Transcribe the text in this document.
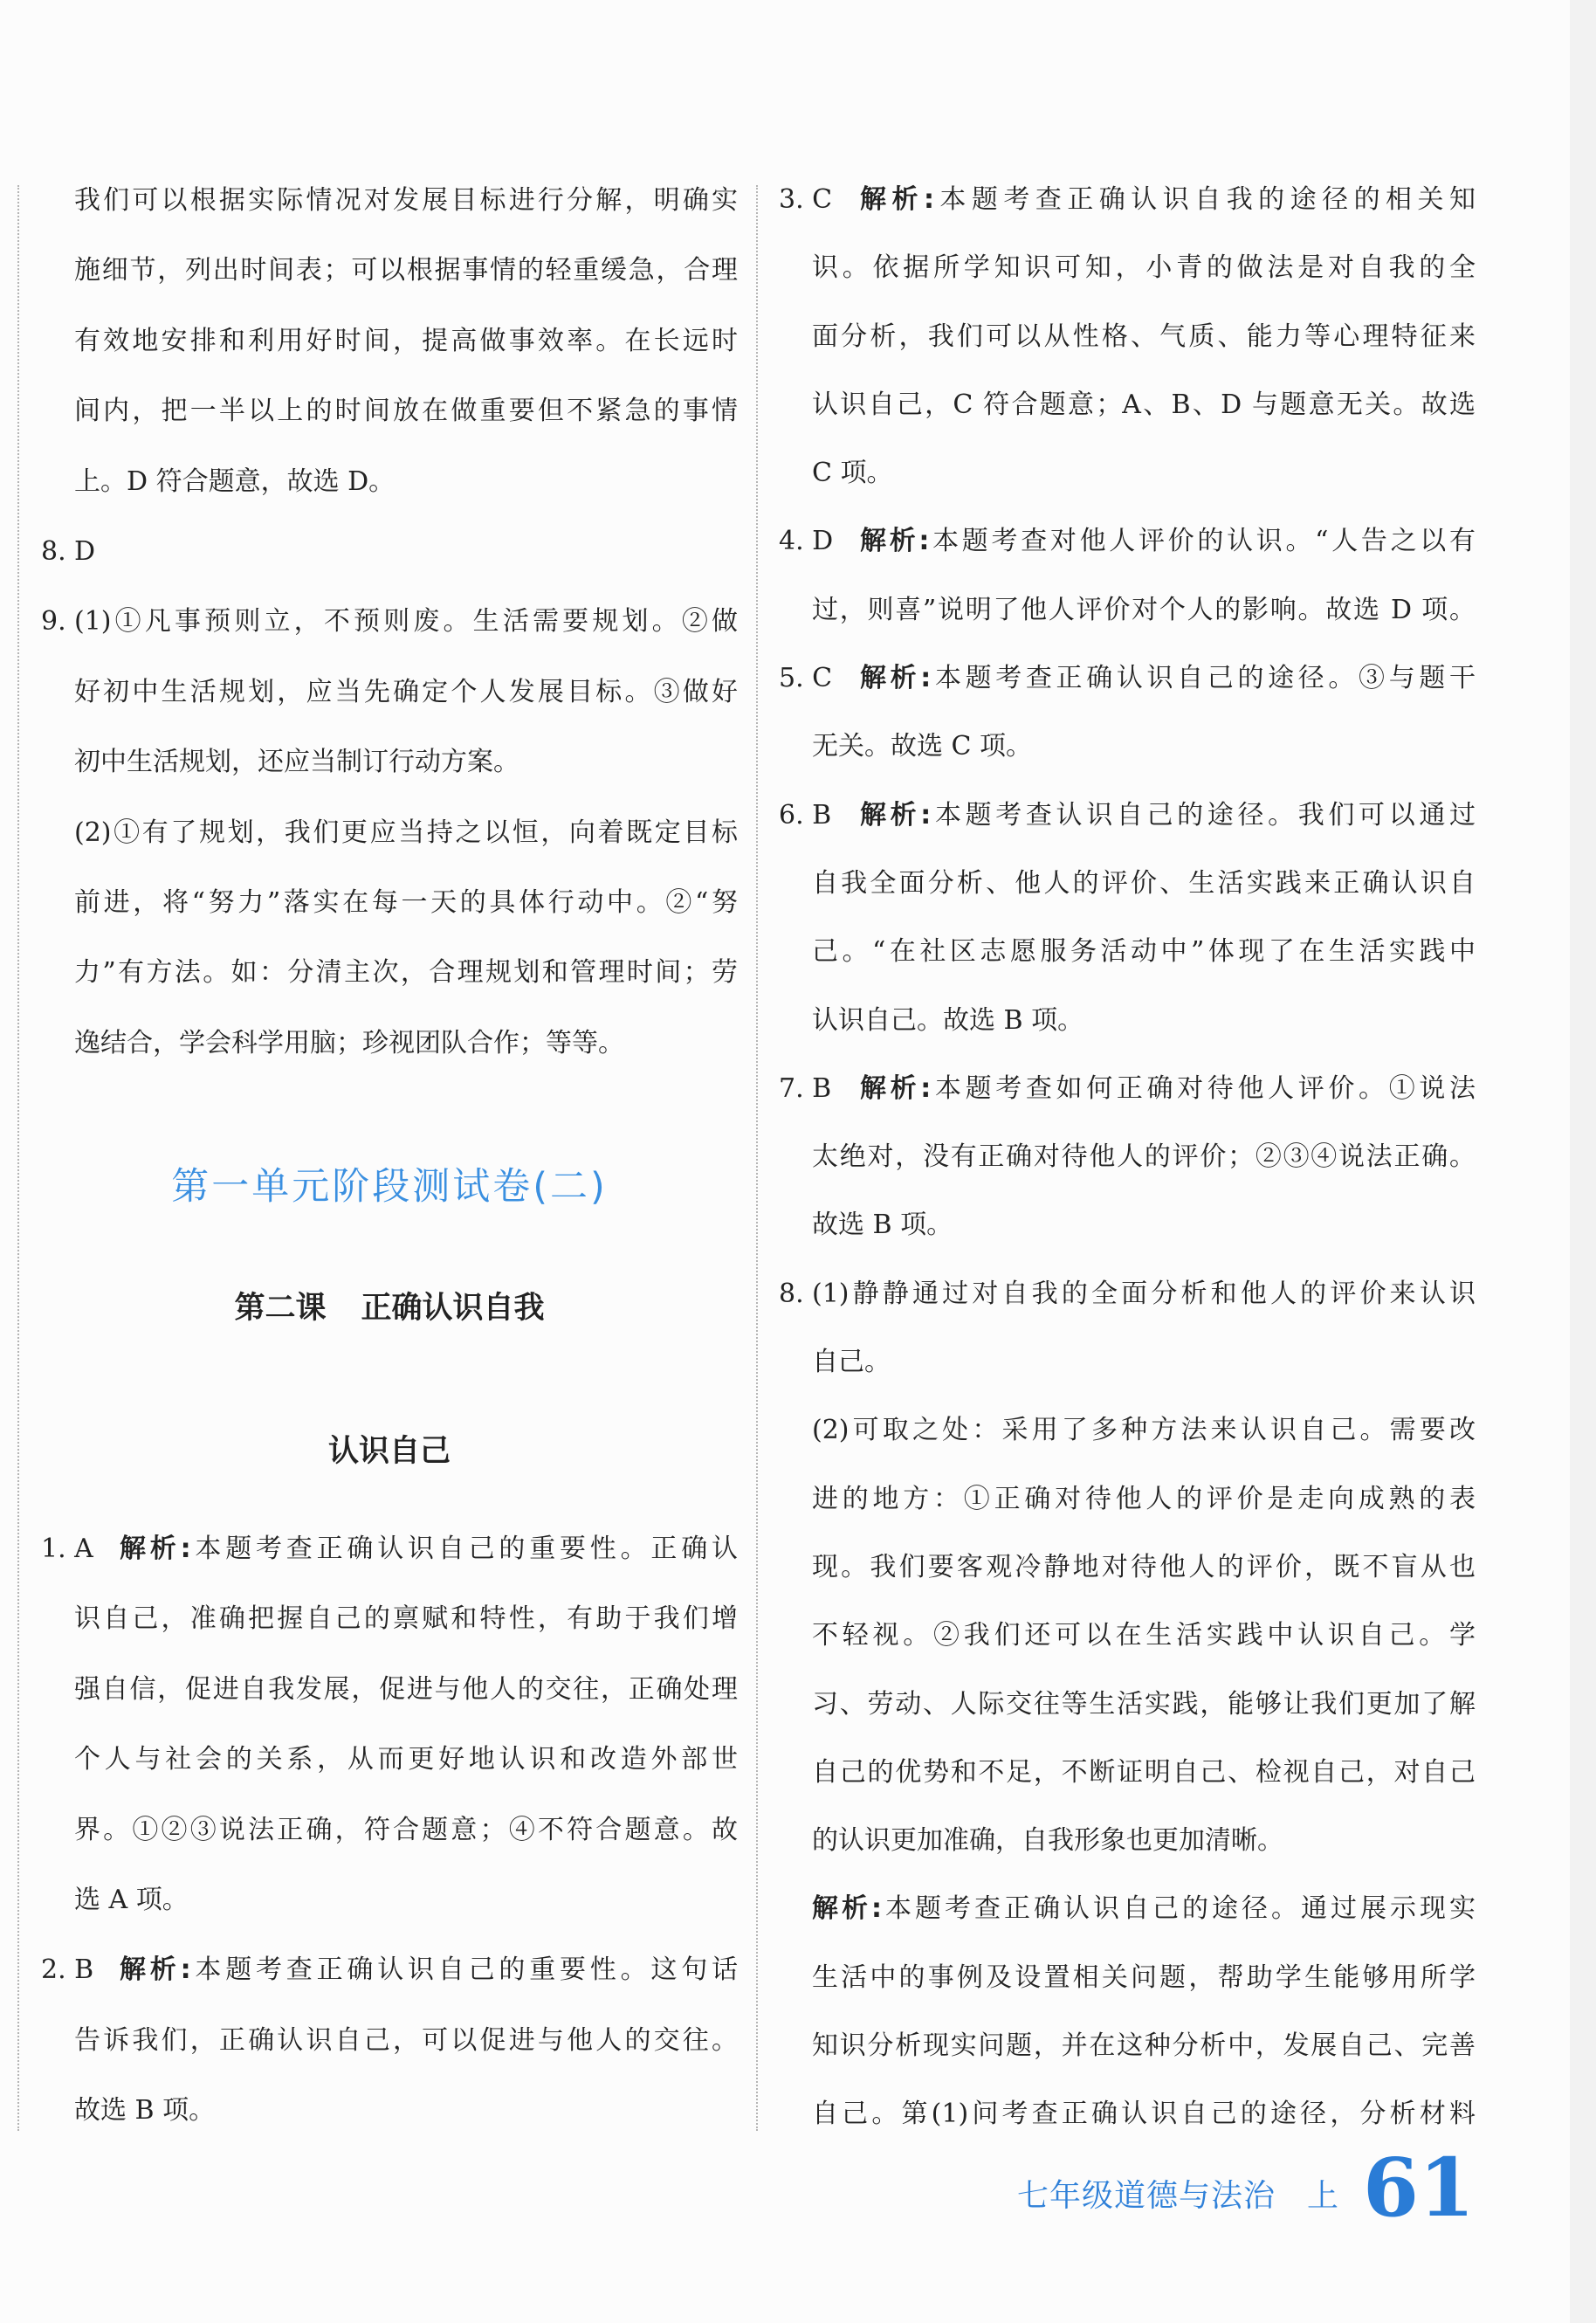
我们可以根据实际情况对发展目标进行分解，明确实
施细节，列出时间表；可以根据事情的轻重缓急，合理
有效地安排和利用好时间，提高做事效率。在长远时
间内，把一半以上的时间放在做重要但不紧急的事情
上。D 符合题意，故选 D。
8. D
9. (1)①凡事预则立，不预则废。生活需要规划。②做
好初中生活规划，应当先确定个人发展目标。③做好
初中生活规划，还应当制订行动方案。
(2)①有了规划，我们更应当持之以恒，向着既定目标
前进，将“努力”落实在每一天的具体行动中。②“努
力”有方法。如：分清主次，合理规划和管理时间；劳
逸结合，学会科学用脑；珍视团队合作；等等。
第一单元阶段测试卷(二)
第二课 正确认识自我
认识自己
1. A 解析:本题考查正确认识自己的重要性。正确认
识自己，准确把握自己的禀赋和特性，有助于我们增
强自信，促进自我发展，促进与他人的交往，正确处理
个人与社会的关系，从而更好地认识和改造外部世
界。①②③说法正确，符合题意；④不符合题意。故
选 A 项。
2. B 解析:本题考查正确认识自己的重要性。这句话
告诉我们，正确认识自己，可以促进与他人的交往。
故选 B 项。
3. C 解析:本题考查正确认识自我的途径的相关知
识。依据所学知识可知，小青的做法是对自我的全
面分析，我们可以从性格、气质、能力等心理特征来
认识自己，C 符合题意；A、B、D 与题意无关。故选
C 项。
4. D 解析:本题考查对他人评价的认识。“人告之以有
过，则喜”说明了他人评价对个人的影响。故选 D 项。
5. C 解析:本题考查正确认识自己的途径。③与题干
无关。故选 C 项。
6. B 解析:本题考查认识自己的途径。我们可以通过
自我全面分析、他人的评价、生活实践来正确认识自
己。“在社区志愿服务活动中”体现了在生活实践中
认识自己。故选 B 项。
7. B 解析:本题考查如何正确对待他人评价。①说法
太绝对，没有正确对待他人的评价；②③④说法正确。
故选 B 项。
8. (1)静静通过对自我的全面分析和他人的评价来认识
自己。
(2)可取之处：采用了多种方法来认识自己。需要改
进的地方：①正确对待他人的评价是走向成熟的表
现。我们要客观冷静地对待他人的评价，既不盲从也
不轻视。②我们还可以在生活实践中认识自己。学
习、劳动、人际交往等生活实践，能够让我们更加了解
自己的优势和不足，不断证明自己、检视自己，对自己
的认识更加准确，自我形象也更加清晰。
解析:本题考查正确认识自己的途径。通过展示现实
生活中的事例及设置相关问题，帮助学生能够用所学
知识分析现实问题，并在这种分析中，发展自己、完善
自己。第(1)问考查正确认识自己的途径，分析材料
七年级道德与法治 上 61
